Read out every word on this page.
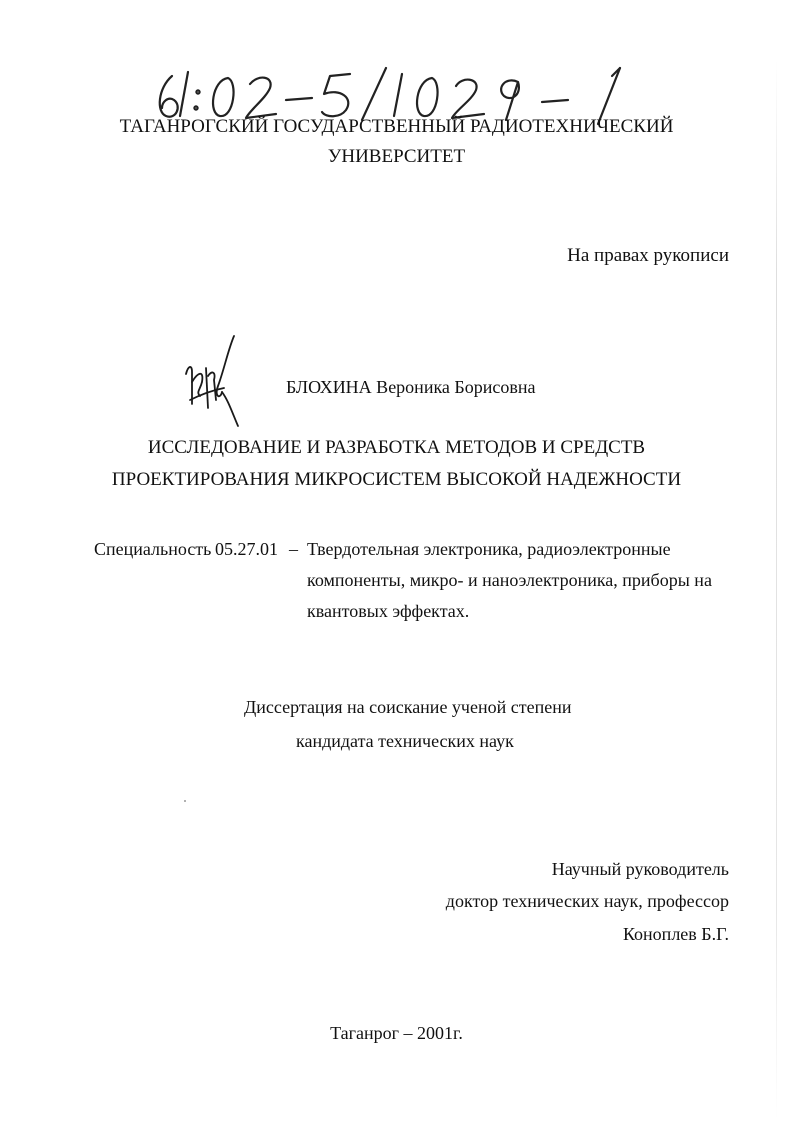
ТАГАНРОГСКИЙ ГОСУДАРСТВЕННЫЙ РАДИОТЕХНИЧЕСКИЙ
УНИВЕРСИТЕТ
На правах рукописи
БЛОХИНА Вероника Борисовна
ИССЛЕДОВАНИЕ И РАЗРАБОТКА МЕТОДОВ И СРЕДСТВ
ПРОЕКТИРОВАНИЯ МИКРОСИСТЕМ ВЫСОКОЙ НАДЕЖНОСТИ
Специальность 05.27.01 – Твердотельная электроника, радиоэлектронные
компоненты, микро- и наноэлектроника, приборы на
квантовых эффектах.
Диссертация на соискание ученой степени
кандидата технических наук
Научный руководитель
доктор технических наук, профессор
Коноплев Б.Г.
Таганрог – 2001г.
